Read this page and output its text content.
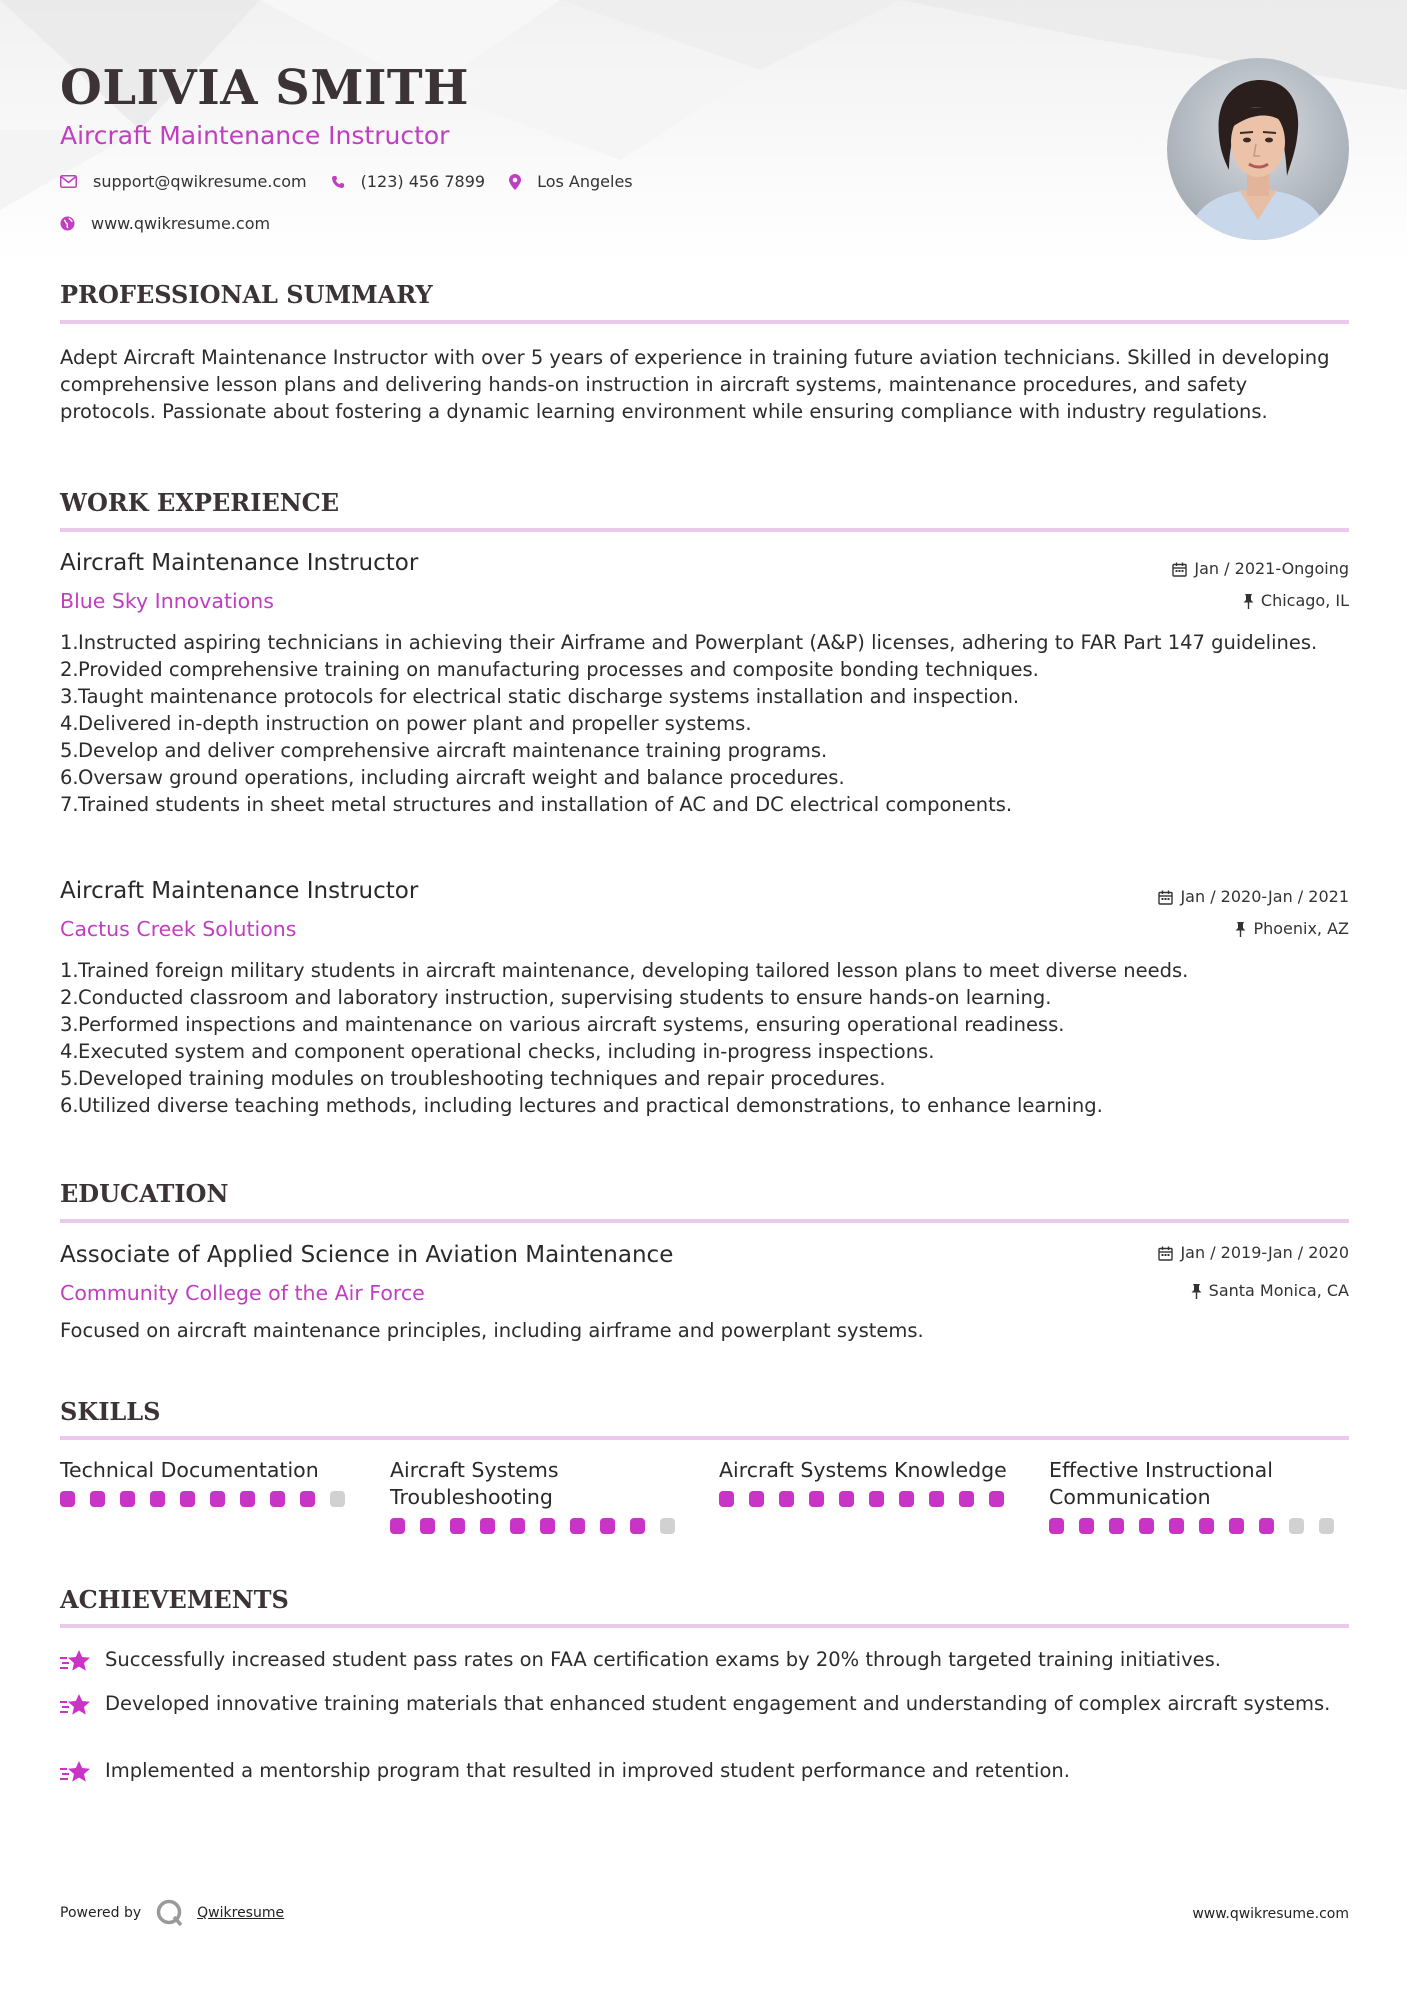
OLIVIA SMITH
Aircraft Maintenance Instructor
support@qwikresume.com	(123) 456 7899	Los Angeles
www.qwikresume.com
PROFESSIONAL SUMMARY
Adept Aircraft Maintenance Instructor with over 5 years of experience in training future aviation technicians. Skilled in developing comprehensive lesson plans and delivering hands-on instruction in aircraft systems, maintenance procedures, and safety protocols. Passionate about fostering a dynamic learning environment while ensuring compliance with industry regulations.
WORK EXPERIENCE
Aircraft Maintenance Instructor	Jan / 2021-Ongoing
Blue Sky Innovations	Chicago, IL
Instructed aspiring technicians in achieving their Airframe and Powerplant (A&P) licenses, adhering to FAR Part 147 guidelines.
Provided comprehensive training on manufacturing processes and composite bonding techniques.
Taught maintenance protocols for electrical static discharge systems installation and inspection.
Delivered in-depth instruction on power plant and propeller systems.
Develop and deliver comprehensive aircraft maintenance training programs.
Oversaw ground operations, including aircraft weight and balance procedures.
Trained students in sheet metal structures and installation of AC and DC electrical components.
Aircraft Maintenance Instructor	Jan / 2020-Jan / 2021
Cactus Creek Solutions	Phoenix, AZ
Trained foreign military students in aircraft maintenance, developing tailored lesson plans to meet diverse needs.
Conducted classroom and laboratory instruction, supervising students to ensure hands-on learning.
Performed inspections and maintenance on various aircraft systems, ensuring operational readiness.
Executed system and component operational checks, including in-progress inspections.
Developed training modules on troubleshooting techniques and repair procedures.
Utilized diverse teaching methods, including lectures and practical demonstrations, to enhance learning.
EDUCATION
Associate of Applied Science in Aviation Maintenance	Jan / 2019-Jan / 2020
Community College of the Air Force	Santa Monica, CA
Focused on aircraft maintenance principles, including airframe and powerplant systems.
SKILLS
Technical Documentation	Aircraft Systems Troubleshooting
Aircraft Systems Knowledge	Effective Instructional Communication
ACHIEVEMENTS
Successfully increased student pass rates on FAA certification exams by 20% through targeted training initiatives.
Developed innovative training materials that enhanced student engagement and understanding of complex aircraft systems.
Implemented a mentorship program that resulted in improved student performance and retention.
Powered by	Qwikresume	www.qwikresume.com
